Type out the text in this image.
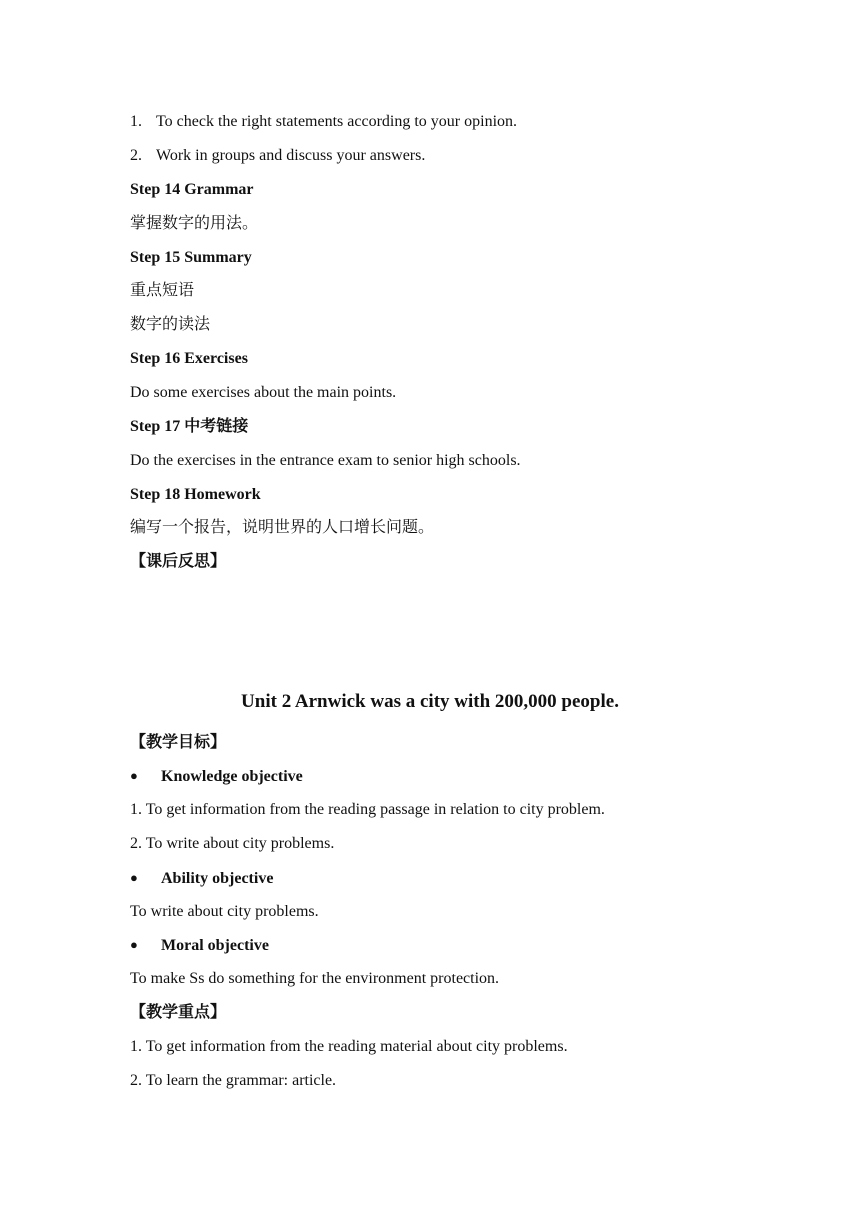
1. To check the right statements according to your opinion.
2. Work in groups and discuss your answers.
Step 14 Grammar
掌握数字的用法。
Step 15 Summary
重点短语
数字的读法
Step 16 Exercises
Do some exercises about the main points.
Step 17 中考链接
Do the exercises in the entrance exam to senior high schools.
Step 18 Homework
编写一个报告，说明世界的人口增长问题。
【课后反思】
Unit 2 Arnwick was a city with 200,000 people.
【教学目标】
● Knowledge objective
1. To get information from the reading passage in relation to city problem.
2. To write about city problems.
● Ability objective
To write about city problems.
● Moral objective
To make Ss do something for the environment protection.
【教学重点】
1. To get information from the reading material about city problems.
2. To learn the grammar: article.
